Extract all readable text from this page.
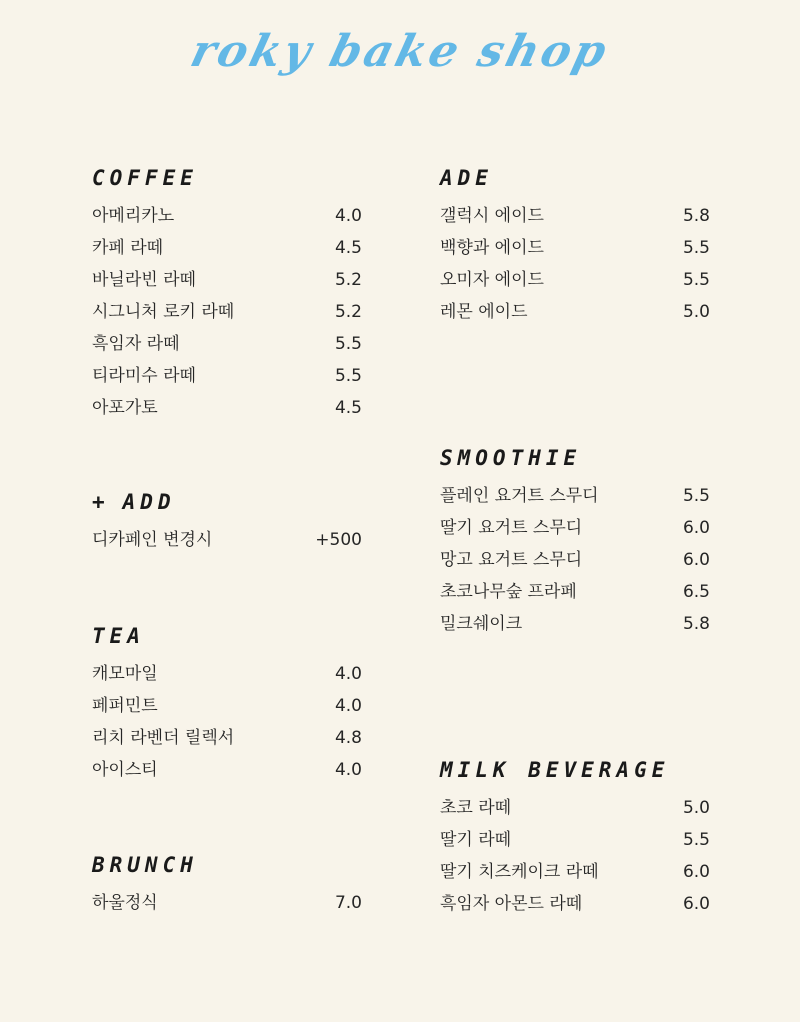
roky bake shop
COFFEE
아메리카노	4.0
카페 라떼	4.5
바닐라빈 라떼	5.2
시그니처 로키 라떼	5.2
흑임자 라떼	5.5
티라미수 라떼	5.5
아포가토	4.5
+ ADD
디카페인 변경시	+500
TEA
캐모마일	4.0
페퍼민트	4.0
리치 라벤더 릴렉서	4.8
아이스티	4.0
BRUNCH
하울정식	7.0
ADE
갤럭시 에이드	5.8
백향과 에이드	5.5
오미자 에이드	5.5
레몬 에이드	5.0
SMOOTHIE
플레인 요거트 스무디	5.5
딸기 요거트 스무디	6.0
망고 요거트 스무디	6.0
초코나무숲 프라페	6.5
밀크쉐이크	5.8
MILK BEVERAGE
초코 라떼	5.0
딸기 라떼	5.5
딸기 치즈케이크 라떼	6.0
흑임자 아몬드 라떼	6.0
